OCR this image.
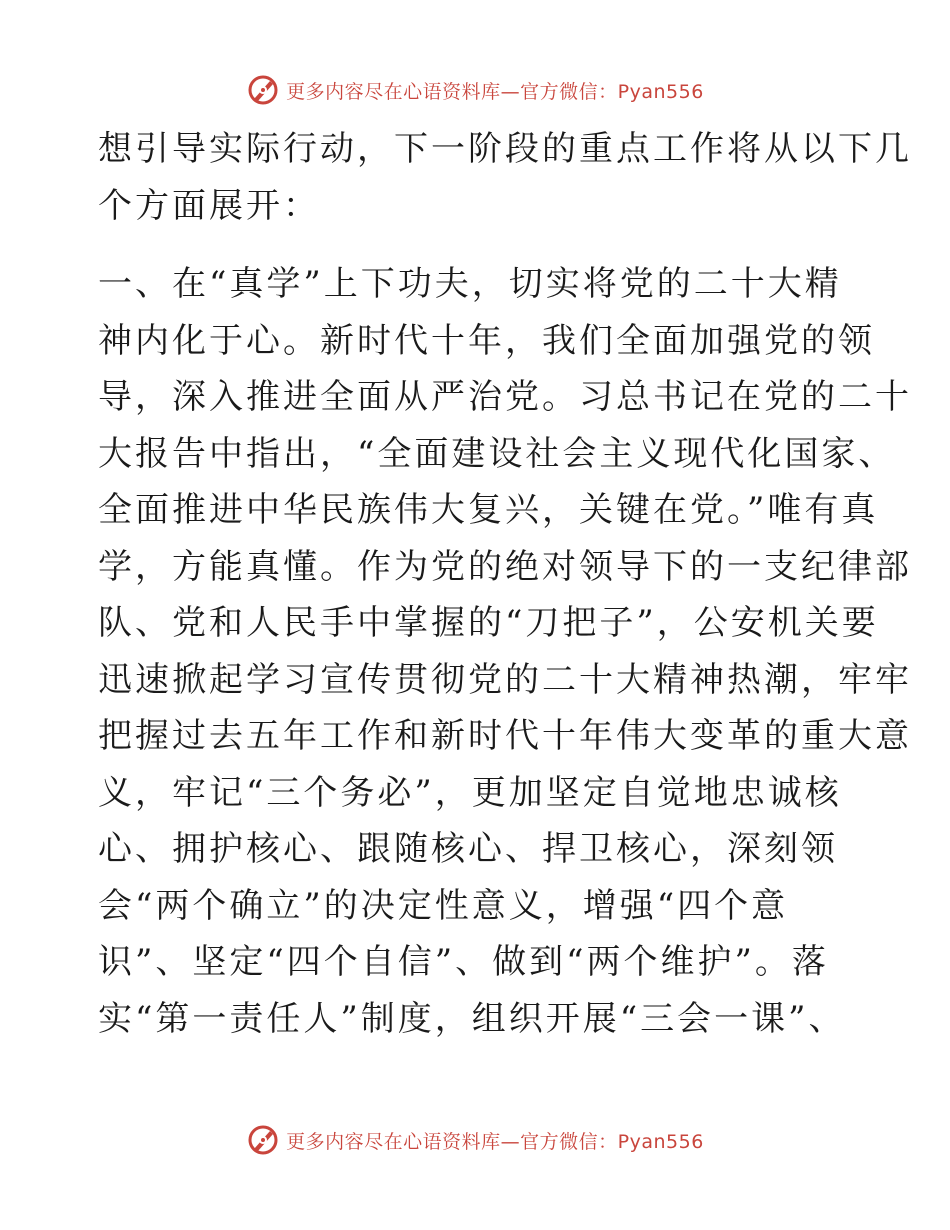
更多内容尽在心语资料库—官方微信：Pyan556
想引导实际行动，下一阶段的重点工作将从以下几
个方面展开：
一、在“真学”上下功夫，切实将党的二十大精
神内化于心。新时代十年，我们全面加强党的领
导，深入推进全面从严治党。习总书记在党的二十
大报告中指出，“全面建设社会主义现代化国家、
全面推进中华民族伟大复兴，关键在党。”唯有真
学，方能真懂。作为党的绝对领导下的一支纪律部
队、党和人民手中掌握的“刀把子”，公安机关要
迅速掀起学习宣传贯彻党的二十大精神热潮，牢牢
把握过去五年工作和新时代十年伟大变革的重大意
义，牢记“三个务必”，更加坚定自觉地忠诚核
心、拥护核心、跟随核心、捍卫核心，深刻领
会“两个确立”的决定性意义，增强“四个意
识”、坚定“四个自信”、做到“两个维护”。落
实“第一责任人”制度，组织开展“三会一课”、
更多内容尽在心语资料库—官方微信：Pyan556
